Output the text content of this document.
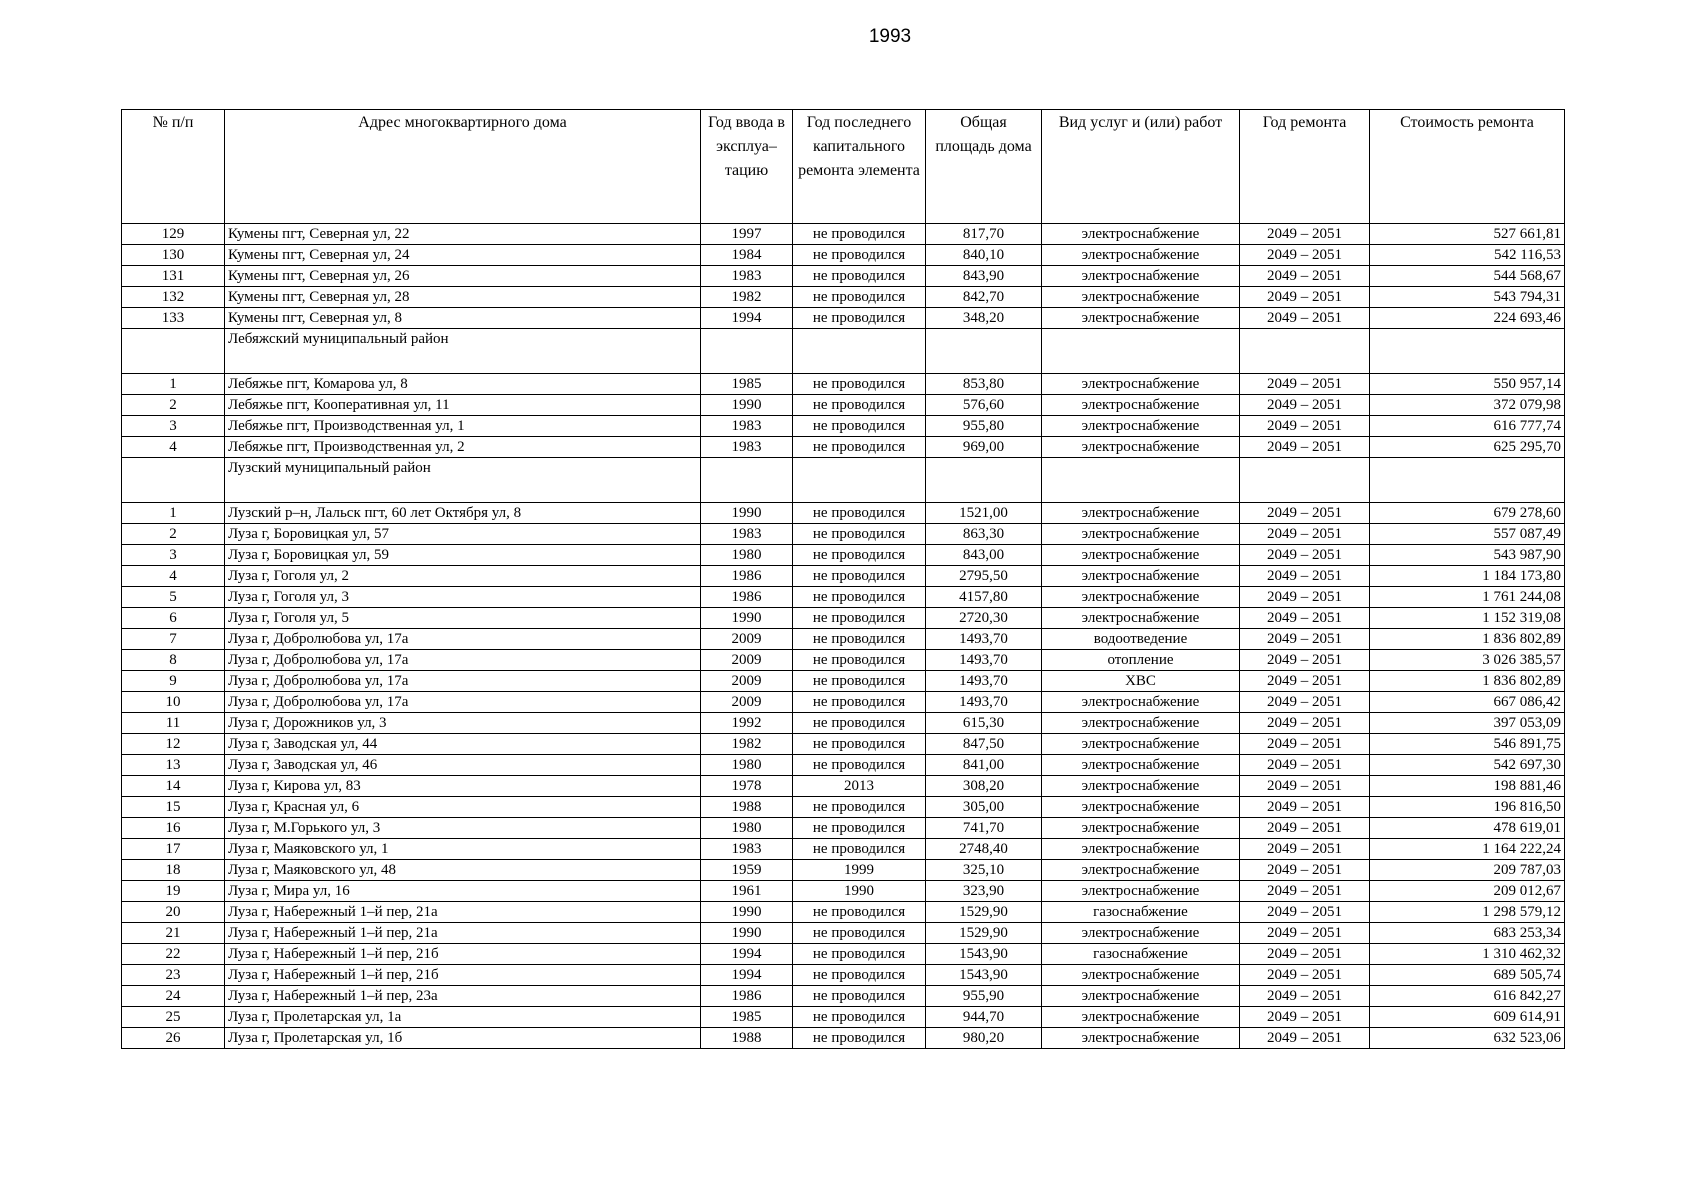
1993
№ п/п	Адрес многоквартирного дома	Год ввода в эксплуа–тацию	Год последнего капитального ремонта элемента	Общая площадь дома	Вид услуг и (или) работ	Год ремонта	Стоимость ремонта
129	Кумены пгт, Северная ул, 22	1997	не проводился	817,70	электроснабжение	2049 – 2051	527 661,81
130	Кумены пгт, Северная ул, 24	1984	не проводился	840,10	электроснабжение	2049 – 2051	542 116,53
131	Кумены пгт, Северная ул, 26	1983	не проводился	843,90	электроснабжение	2049 – 2051	544 568,67
132	Кумены пгт, Северная ул, 28	1982	не проводился	842,70	электроснабжение	2049 – 2051	543 794,31
133	Кумены пгт, Северная ул, 8	1994	не проводился	348,20	электроснабжение	2049 – 2051	224 693,46
	Лебяжский муниципальный район						
1	Лебяжье пгт, Комарова ул, 8	1985	не проводился	853,80	электроснабжение	2049 – 2051	550 957,14
2	Лебяжье пгт, Кооперативная ул, 11	1990	не проводился	576,60	электроснабжение	2049 – 2051	372 079,98
3	Лебяжье пгт, Производственная ул, 1	1983	не проводился	955,80	электроснабжение	2049 – 2051	616 777,74
4	Лебяжье пгт, Производственная ул, 2	1983	не проводился	969,00	электроснабжение	2049 – 2051	625 295,70
	Лузский муниципальный район						
1	Лузский р–н, Лальск пгт, 60 лет Октября ул, 8	1990	не проводился	1521,00	электроснабжение	2049 – 2051	679 278,60
2	Луза г, Боровицкая ул, 57	1983	не проводился	863,30	электроснабжение	2049 – 2051	557 087,49
3	Луза г, Боровицкая ул, 59	1980	не проводился	843,00	электроснабжение	2049 – 2051	543 987,90
4	Луза г, Гоголя ул, 2	1986	не проводился	2795,50	электроснабжение	2049 – 2051	1 184 173,80
5	Луза г, Гоголя ул, 3	1986	не проводился	4157,80	электроснабжение	2049 – 2051	1 761 244,08
6	Луза г, Гоголя ул, 5	1990	не проводился	2720,30	электроснабжение	2049 – 2051	1 152 319,08
7	Луза г, Добролюбова ул, 17а	2009	не проводился	1493,70	водоотведение	2049 – 2051	1 836 802,89
8	Луза г, Добролюбова ул, 17а	2009	не проводился	1493,70	отопление	2049 – 2051	3 026 385,57
9	Луза г, Добролюбова ул, 17а	2009	не проводился	1493,70	ХВС	2049 – 2051	1 836 802,89
10	Луза г, Добролюбова ул, 17а	2009	не проводился	1493,70	электроснабжение	2049 – 2051	667 086,42
11	Луза г, Дорожников ул, 3	1992	не проводился	615,30	электроснабжение	2049 – 2051	397 053,09
12	Луза г, Заводская ул, 44	1982	не проводился	847,50	электроснабжение	2049 – 2051	546 891,75
13	Луза г, Заводская ул, 46	1980	не проводился	841,00	электроснабжение	2049 – 2051	542 697,30
14	Луза г, Кирова ул, 83	1978	2013	308,20	электроснабжение	2049 – 2051	198 881,46
15	Луза г, Красная ул, 6	1988	не проводился	305,00	электроснабжение	2049 – 2051	196 816,50
16	Луза г, М.Горького ул, 3	1980	не проводился	741,70	электроснабжение	2049 – 2051	478 619,01
17	Луза г, Маяковского ул, 1	1983	не проводился	2748,40	электроснабжение	2049 – 2051	1 164 222,24
18	Луза г, Маяковского ул, 48	1959	1999	325,10	электроснабжение	2049 – 2051	209 787,03
19	Луза г, Мира ул, 16	1961	1990	323,90	электроснабжение	2049 – 2051	209 012,67
20	Луза г, Набережный 1–й пер, 21а	1990	не проводился	1529,90	газоснабжение	2049 – 2051	1 298 579,12
21	Луза г, Набережный 1–й пер, 21а	1990	не проводился	1529,90	электроснабжение	2049 – 2051	683 253,34
22	Луза г, Набережный 1–й пер, 21б	1994	не проводился	1543,90	газоснабжение	2049 – 2051	1 310 462,32
23	Луза г, Набережный 1–й пер, 21б	1994	не проводился	1543,90	электроснабжение	2049 – 2051	689 505,74
24	Луза г, Набережный 1–й пер, 23а	1986	не проводился	955,90	электроснабжение	2049 – 2051	616 842,27
25	Луза г, Пролетарская ул, 1а	1985	не проводился	944,70	электроснабжение	2049 – 2051	609 614,91
26	Луза г, Пролетарская ул, 1б	1988	не проводился	980,20	электроснабжение	2049 – 2051	632 523,06
